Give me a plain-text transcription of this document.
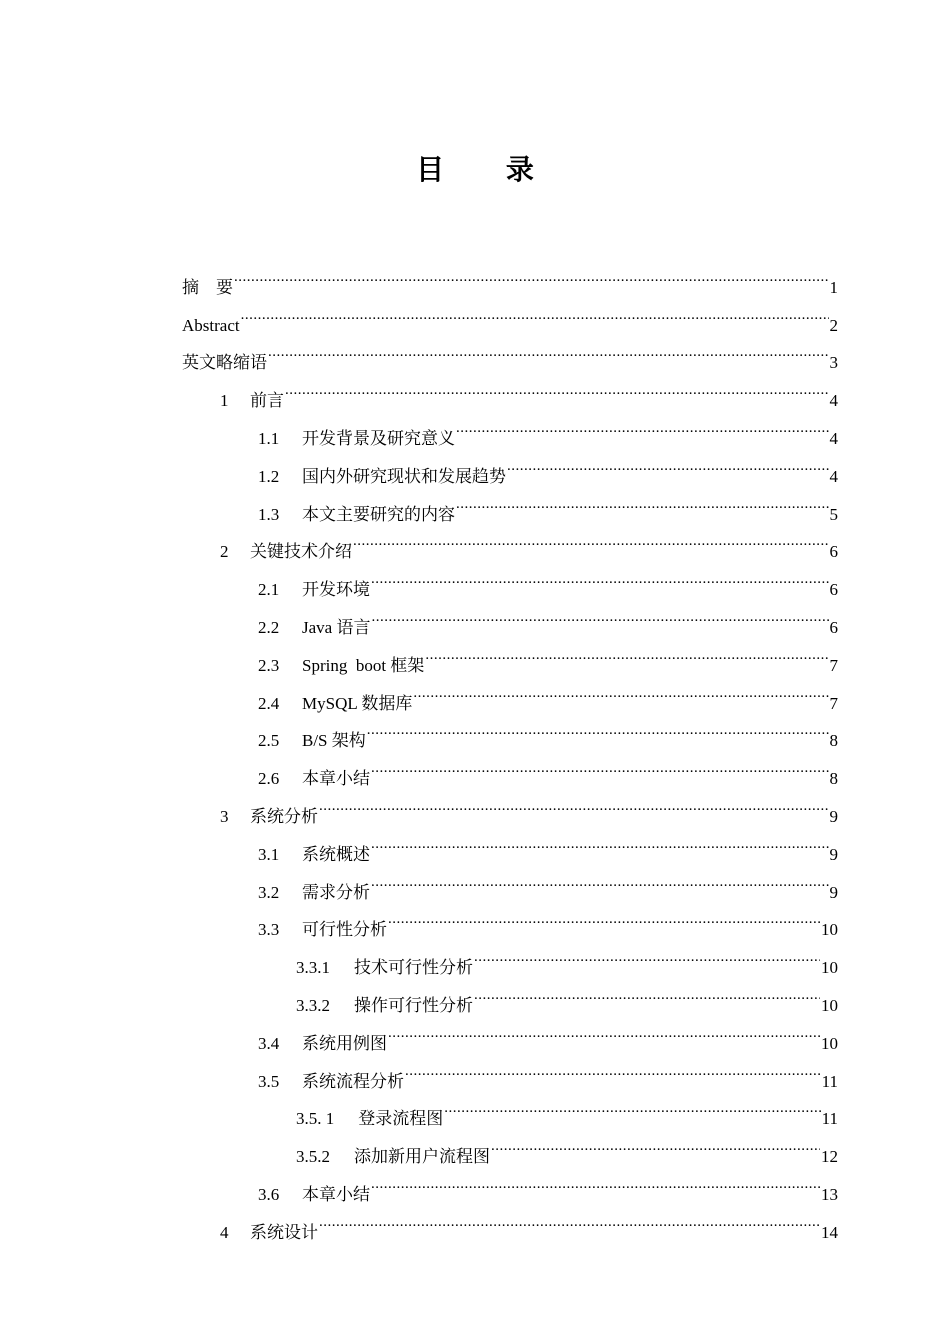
目 录
摘　要 .....	1
Abstract .....	2
英文略缩语 .....	3
1	前言 .....	4
1.1	开发背景及研究意义 .....	4
1.2	国内外研究现状和发展趋势 .....	4
1.3	本文主要研究的内容 .....	5
2	关键技术介绍 .....	6
2.1	开发环境 .....	6
2.2	Java 语言 .....	6
2.3	Spring  boot 框架 .....	7
2.4	MySQL 数据库 .....	7
2.5	B/S 架构 .....	8
2.6	本章小结 .....	8
3	系统分析 .....	9
3.1	系统概述 .....	9
3.2	需求分析 .....	9
3.3	可行性分析 .....	10
3.3.1	技术可行性分析 .....	10
3.3.2	操作可行性分析 .....	10
3.4	系统用例图 .....	10
3.5	系统流程分析 .....	11
3.5. 1	登录流程图 .....	11
3.5.2	添加新用户流程图 .....	12
3.6	本章小结 .....	13
4	系统设计 .....	14
